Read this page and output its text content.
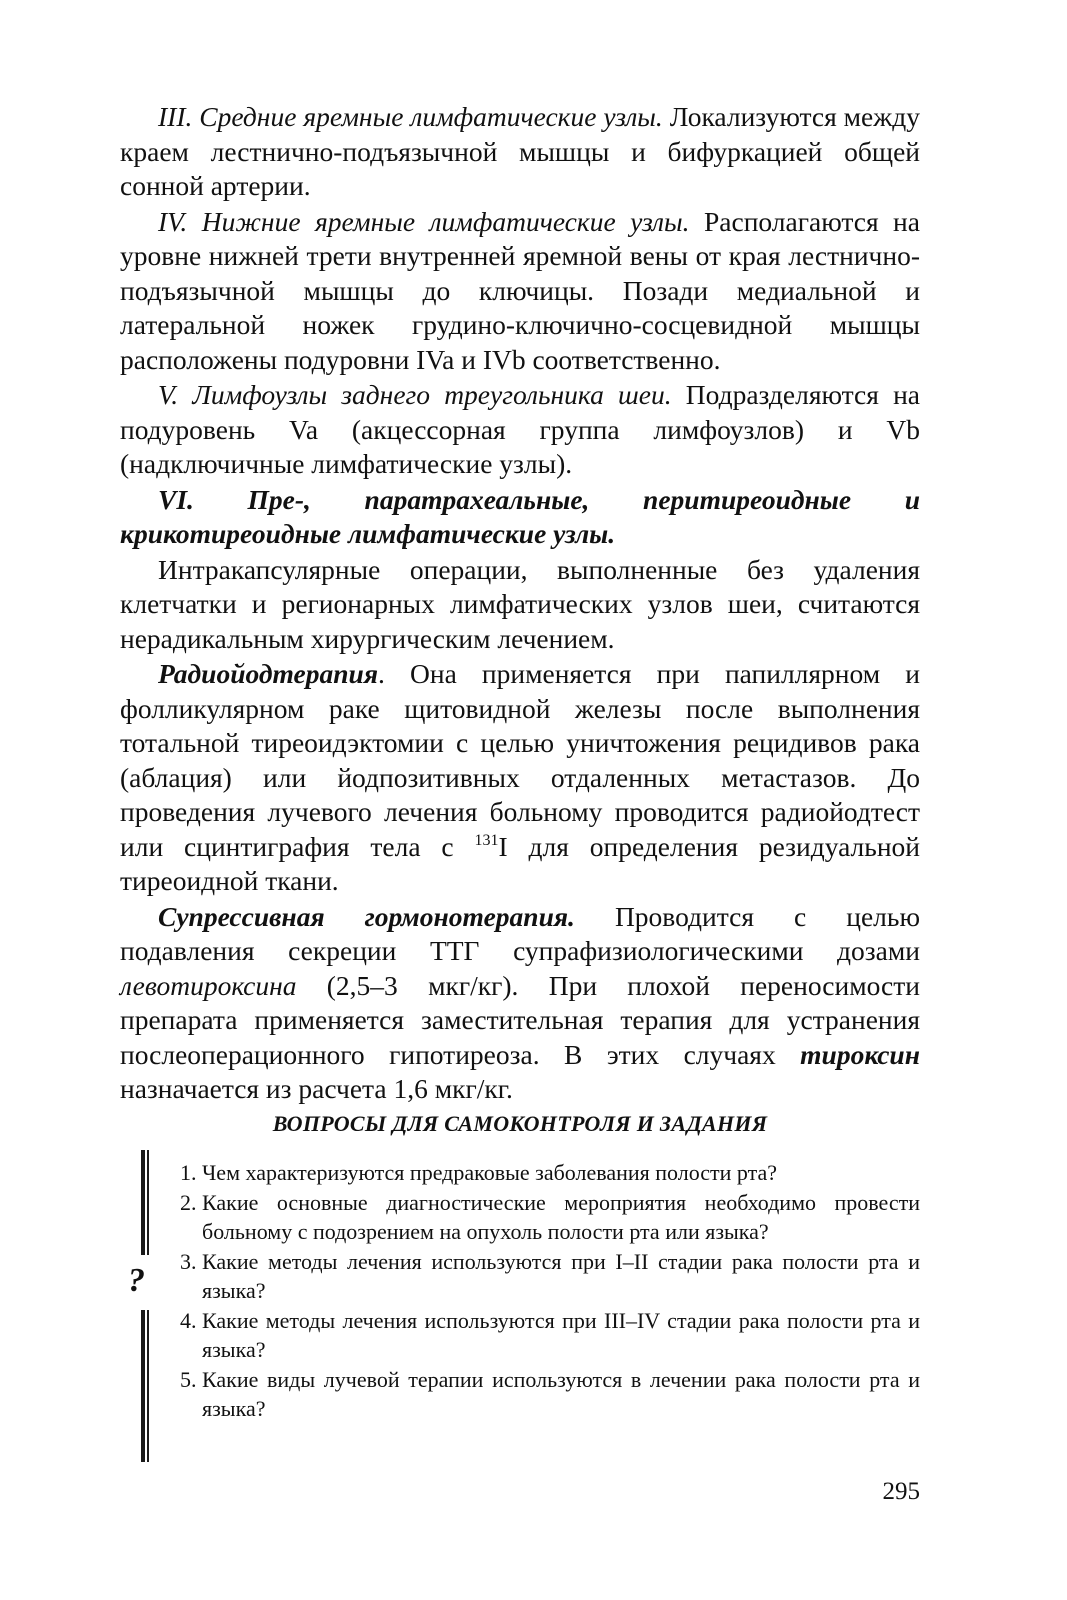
III. Средние яремные лимфатические узлы. Локализуются между краем лестнично-подъязычной мышцы и бифуркацией общей сонной артерии.

IV. Нижние яремные лимфатические узлы. Располагаются на уровне нижней трети внутренней яремной вены от края лестнично-подъязычной мышцы до ключицы. Позади медиальной и латеральной ножек грудино-ключично-сосцевидной мышцы расположены подуровни IVa и IVb соответственно.

V. Лимфоузлы заднего треугольника шеи. Подразделяются на подуровень Va (акцессорная группа лимфоузлов) и Vb (надключичные лимфатические узлы).

VI. Пре-, паратрахеальные, перитиреоидные и крикотиреоидные лимфатические узлы.

Интракапсулярные операции, выполненные без удаления клетчатки и регионарных лимфатических узлов шеи, считаются нерадикальным хирургическим лечением.

Радиойодтерапия. Она применяется при папиллярном и фолликулярном раке щитовидной железы после выполнения тотальной тиреоидэктомии с целью уничтожения рецидивов рака (аблация) или йодпозитивных отдаленных метастазов. До проведения лучевого лечения больному проводится радиойодтест или сцинтиграфия тела с $^{131}$I для определения резидуальной тиреоидной ткани.

Супрессивная гормонотерапия. Проводится с целью подавления секреции ТТГ супрафизиологическими дозами левотироксина (2,5–3 мкг/кг). При плохой переносимости препарата применяется заместительная терапия для устранения послеоперационного гипотиреоза. В этих случаях тироксин назначается из расчета 1,6 мкг/кг.

ВОПРОСЫ ДЛЯ САМОКОНТРОЛЯ И ЗАДАНИЯ
?
1. Чем характеризуются предраковые заболевания полости рта?
2. Какие основные диагностические мероприятия необходимо провести больному с подозрением на опухоль полости рта или языка?
3. Какие методы лечения используются при I–II стадии рака полости рта и языка?
4. Какие методы лечения используются при III–IV стадии рака полости рта и языка?
5. Какие виды лучевой терапии используются в лечении рака полости рта и языка?
295
